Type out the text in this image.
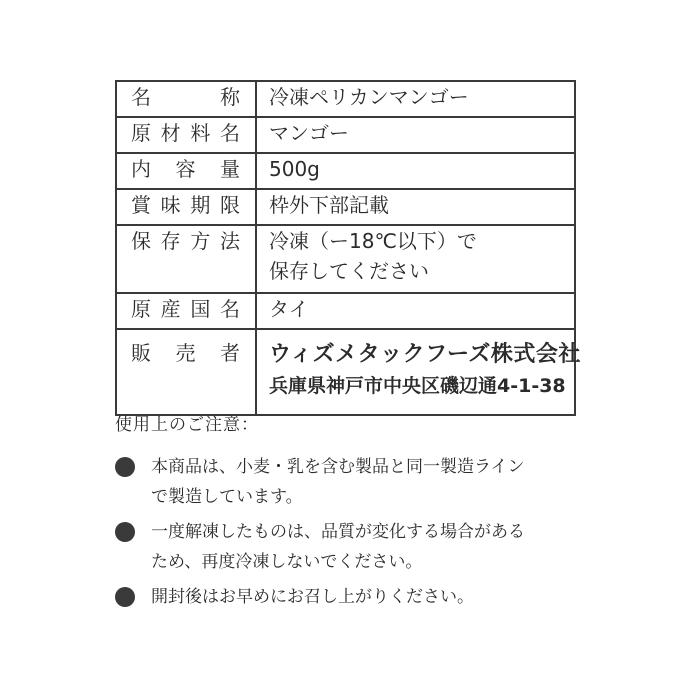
名　　　称	冷凍ペリカンマンゴー

原材料名	マンゴー

内容量	500g

賞味期限	枠外下部記載

保存方法	冷凍（ー18℃以下）で
保存してください

原産国名	タイ

販　売　者	ウィズメタックフーズ株式会社
兵庫県神戸市中央区磯辺通4-1-38
使用上のご注意：
本商品は、小麦・乳を含む製品と同一製造ライン
で製造しています。
一度解凍したものは、品質が変化する場合がある
ため、再度冷凍しないでください。
開封後はお早めにお召し上がりください。
